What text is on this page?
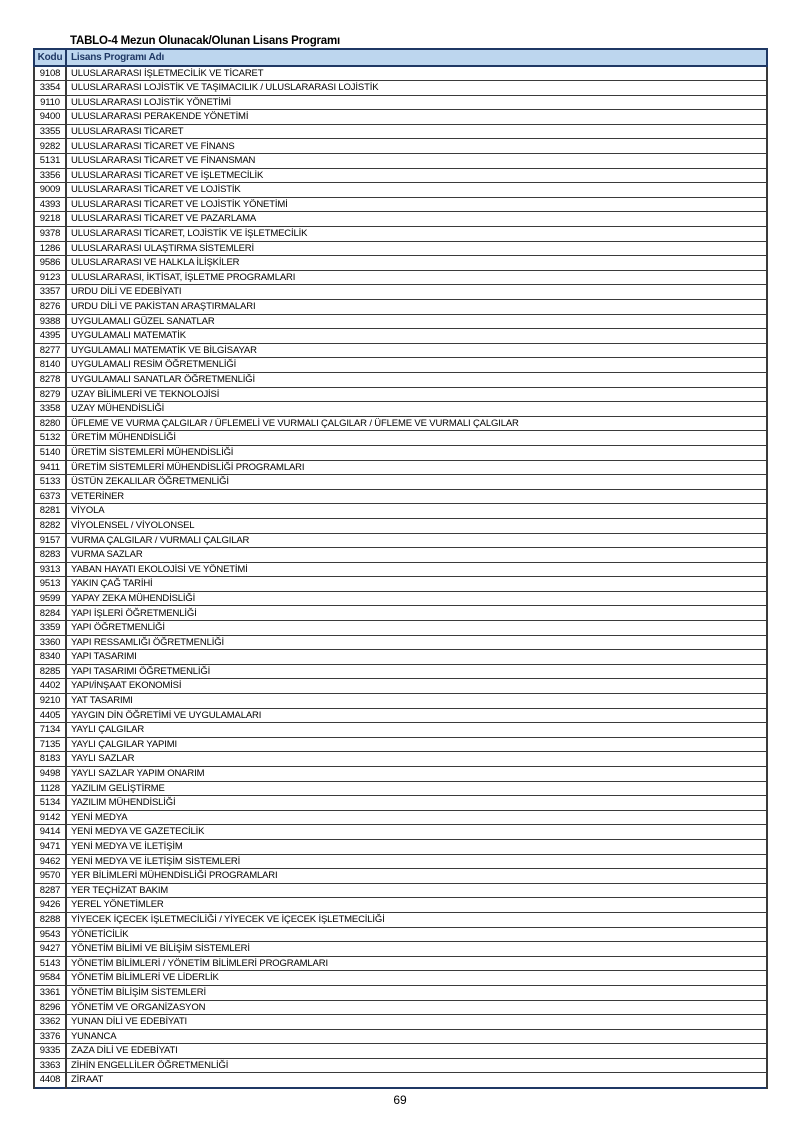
TABLO-4 Mezun Olunacak/Olunan Lisans Programı
Kodu	Lisans Programı Adı
9108	ULUSLARARASI İŞLETMECİLİK VE TİCARET
3354	ULUSLARARASI LOJİSTİK VE TAŞIMACILIK / ULUSLARARASI LOJİSTİK
9110	ULUSLARARASI LOJİSTİK YÖNETİMİ
9400	ULUSLARARASI PERAKENDE YÖNETİMİ
3355	ULUSLARARASI TİCARET
9282	ULUSLARARASI TİCARET VE FİNANS
5131	ULUSLARARASI TİCARET VE FİNANSMAN
3356	ULUSLARARASI TİCARET VE İŞLETMECİLİK
9009	ULUSLARARASI TİCARET VE LOJİSTİK
4393	ULUSLARARASI TİCARET VE LOJİSTİK YÖNETİMİ
9218	ULUSLARARASI TİCARET VE PAZARLAMA
9378	ULUSLARARASI TİCARET, LOJİSTİK VE İŞLETMECİLİK
1286	ULUSLARARASI ULAŞTIRMA SİSTEMLERİ
9586	ULUSLARARASI VE HALKLA İLİŞKİLER
9123	ULUSLARARASI, İKTİSAT, İŞLETME PROGRAMLARI
3357	URDU DİLİ VE EDEBİYATI
8276	URDU DİLİ VE PAKİSTAN ARAŞTIRMALARI
9388	UYGULAMALI GÜZEL SANATLAR
4395	UYGULAMALI MATEMATİK
8277	UYGULAMALI MATEMATİK VE BİLGİSAYAR
8140	UYGULAMALI RESİM ÖĞRETMENLİĞİ
8278	UYGULAMALI SANATLAR ÖĞRETMENLİĞİ
8279	UZAY BİLİMLERİ VE TEKNOLOJİSİ
3358	UZAY MÜHENDİSLİĞİ
8280	ÜFLEME VE VURMA ÇALGILAR / ÜFLEMELİ VE VURMALI ÇALGILAR / ÜFLEME VE VURMALI ÇALGILAR
5132	ÜRETİM MÜHENDİSLİĞİ
5140	ÜRETİM SİSTEMLERİ MÜHENDİSLİĞİ
9411	ÜRETİM SİSTEMLERİ MÜHENDİSLİĞİ PROGRAMLARI
5133	ÜSTÜN ZEKALILAR ÖĞRETMENLİĞİ
6373	VETERİNER
8281	VİYOLA
8282	VİYOLENSEL / VİYOLONSEL
9157	VURMA ÇALGILAR / VURMALI ÇALGILAR
8283	VURMA SAZLAR
9313	YABAN HAYATI EKOLOJİSİ VE YÖNETİMİ
9513	YAKIN ÇAĞ TARİHİ
9599	YAPAY ZEKA MÜHENDİSLİĞİ
8284	YAPI İŞLERİ ÖĞRETMENLİĞİ
3359	YAPI ÖĞRETMENLİĞİ
3360	YAPI RESSAMLIĞI ÖĞRETMENLİĞİ
8340	YAPI TASARIMI
8285	YAPI TASARIMI ÖĞRETMENLİĞİ
4402	YAPI/İNŞAAT EKONOMİSİ
9210	YAT TASARIMI
4405	YAYGIN DİN ÖĞRETİMİ VE UYGULAMALARI
7134	YAYLI ÇALGILAR
7135	YAYLI ÇALGILAR YAPIMI
8183	YAYLI SAZLAR
9498	YAYLI SAZLAR YAPIM ONARIM
1128	YAZILIM GELİŞTİRME
5134	YAZILIM MÜHENDİSLİĞİ
9142	YENİ MEDYA
9414	YENİ MEDYA VE GAZETECİLİK
9471	YENİ MEDYA VE İLETİŞİM
9462	YENİ MEDYA VE İLETİŞİM SİSTEMLERİ
9570	YER BİLİMLERİ MÜHENDİSLİĞİ PROGRAMLARI
8287	YER TEÇHİZAT BAKIM
9426	YEREL YÖNETİMLER
8288	YİYECEK İÇECEK İŞLETMECİLİĞİ / YİYECEK VE İÇECEK İŞLETMECİLİĞİ
9543	YÖNETİCİLİK
9427	YÖNETİM BİLİMİ VE BİLİŞİM SİSTEMLERİ
5143	YÖNETİM BİLİMLERİ / YÖNETİM BİLİMLERİ PROGRAMLARI
9584	YÖNETİM BİLİMLERİ VE LİDERLİK
3361	YÖNETİM BİLİŞİM SİSTEMLERİ
8296	YÖNETİM VE ORGANİZASYON
3362	YUNAN DİLİ VE EDEBİYATI
3376	YUNANCA
9335	ZAZA DİLİ VE EDEBİYATI
3363	ZİHİN ENGELLİLER ÖĞRETMENLİĞİ
4408	ZİRAAT
69
